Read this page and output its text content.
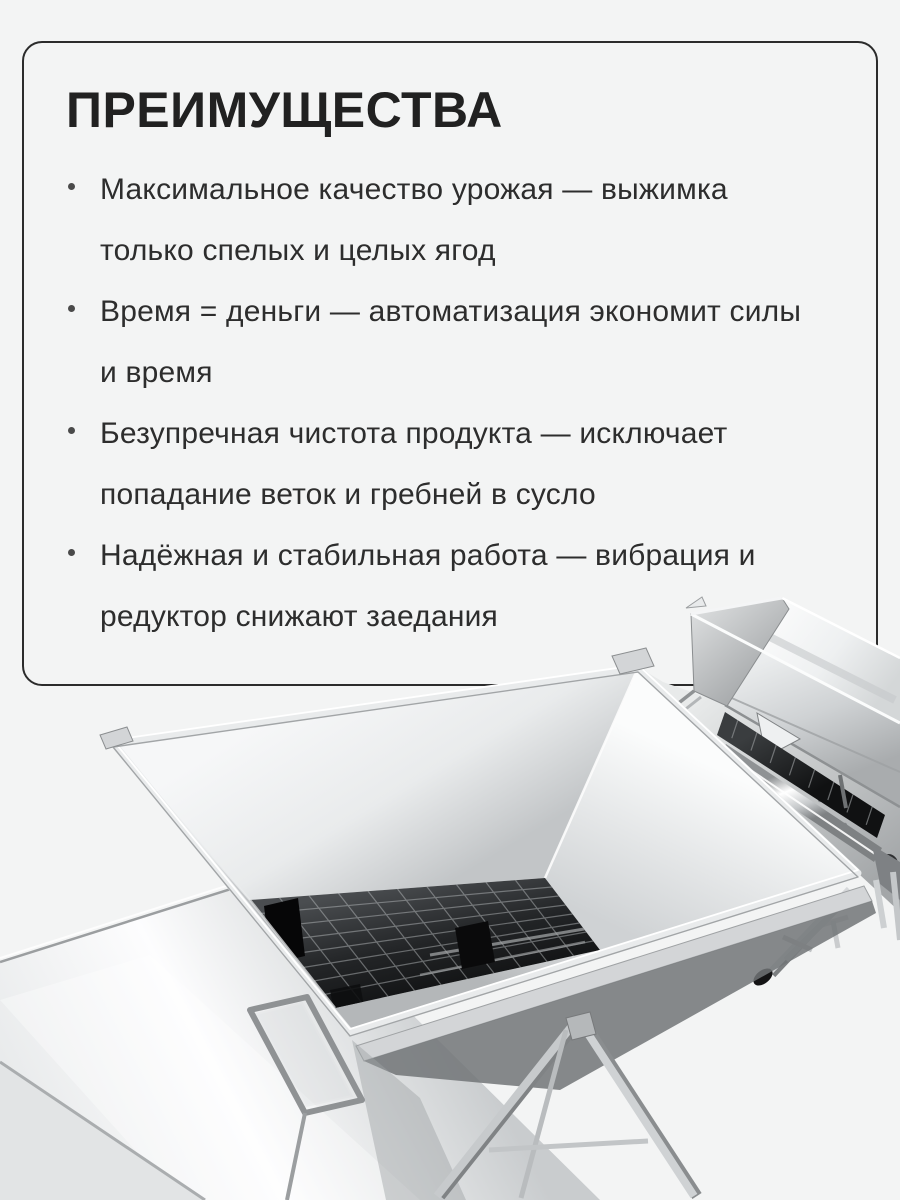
ПРЕИМУЩЕСТВА
Максимальное качество урожая — выжимка
только спелых и целых ягод
Время = деньги — автоматизация экономит силы
и время
Безупречная чистота продукта — исключает
попадание веток и гребней в сусло
Надёжная и стабильная работа — вибрация и
редуктор снижают заедания
